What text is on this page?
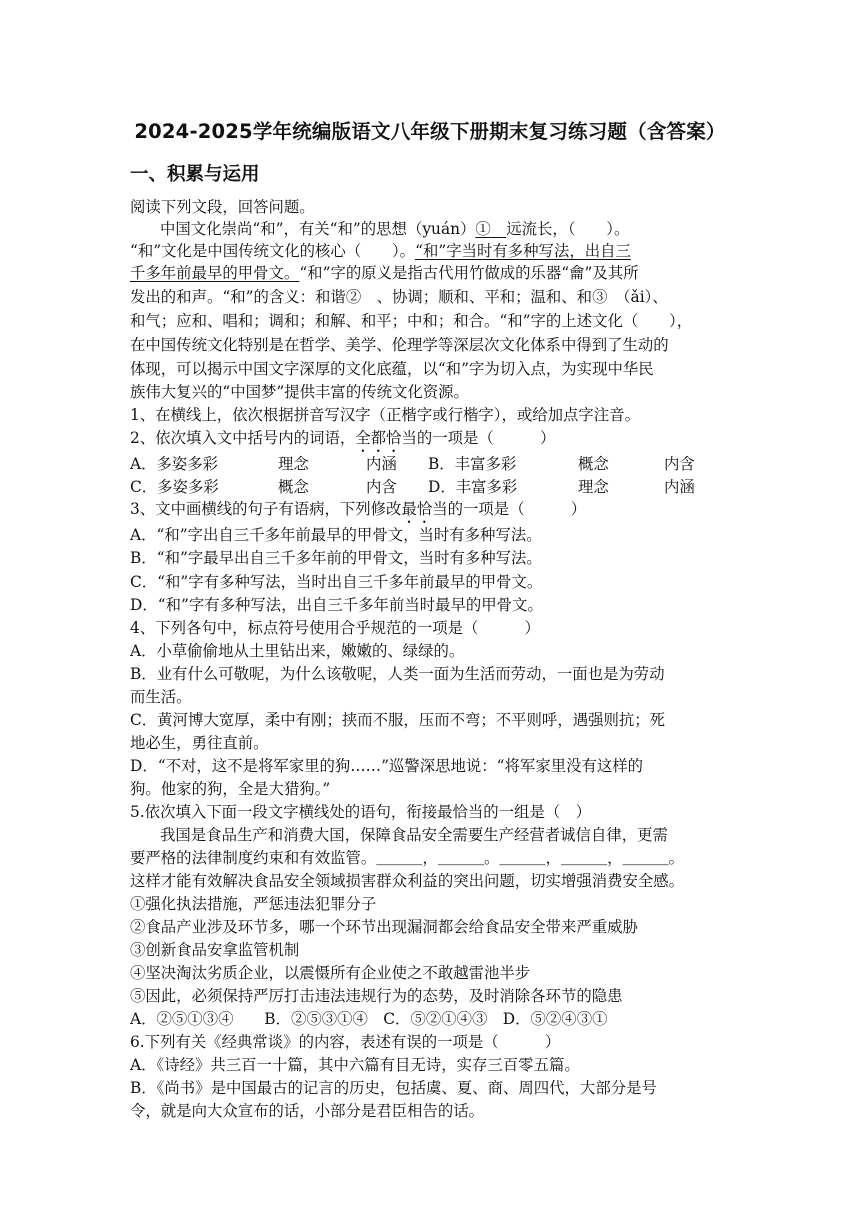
2024-2025学年统编版语文八年级下册期末复习练习题（含答案）
一、积累与运用
阅读下列文段，回答问题。
中国文化崇尚“和”，有关“和”的思想（yuán）①　 远流长，（　　）。
“和”文化是中国传统文化的核心（　　）。“和”字当时有多种写法，出自三
千多年前最早的甲骨文。“和”字的原义是指古代用竹做成的乐器“龠”及其所
发出的和声。“和”的含义：和谐②　、协调；顺和、平和；温和、和③　（ǎi）、
和气；应和、唱和；调和；和解、和平；中和；和合。“和”字的上述文化（　　），
在中国传统文化特别是在哲学、美学、伦理学等深层次文化体系中得到了生动的
体现，可以揭示中国文字深厚的文化底蕴，以“和”字为切入点，为实现中华民
族伟大复兴的“中国梦”提供丰富的传统文化资源。
1、在横线上，依次根据拼音写汉字（正楷字或行楷字），或给加点字注音。
2、依次填入文中括号内的词语，全都恰当的一项是（　　　）
A．多姿多彩	理念	内涵 B．丰富多彩	概念	内含
C．多姿多彩	概念	内含 D．丰富多彩	理念	内涵
3、文中画横线的句子有语病，下列修改最恰当的一项是（　　　）
A．“和”字出自三千多年前最早的甲骨文，当时有多种写法。
B．“和”字最早出自三千多年前的甲骨文，当时有多种写法。
C．“和”字有多种写法，当时出自三千多年前最早的甲骨文。
D．“和”字有多种写法，出自三千多年前当时最早的甲骨文。
4、下列各句中，标点符号使用合乎规范的一项是（　　　）
A．小草偷偷地从土里钻出来，嫩嫩的、绿绿的。
B．业有什么可敬呢，为什么该敬呢，人类一面为生活而劳动，一面也是为劳动
而生活。
C．黄河博大宽厚，柔中有刚；挟而不服，压而不弯；不平则呼，遇强则抗；死
地必生，勇往直前。
D．“不对，这不是将军家里的狗……”巡警深思地说：“将军家里没有这样的
狗。他家的狗，全是大猎狗。”
5.依次填入下面一段文字横线处的语句，衔接最恰当的一组是（　）
我国是食品生产和消费大国，保障食品安全需要生产经营者诚信自律，更需
要严格的法律制度约束和有效监管。＿＿＿，＿＿＿。＿＿＿，＿＿＿，＿＿＿。
这样才能有效解决食品安全领域损害群众利益的突出问题，切实增强消费安全感。
①强化执法措施，严惩违法犯罪分子
②食品产业涉及环节多，哪一个环节出现漏洞都会给食品安全带来严重威胁
③创新食品安拿监管机制
④坚决淘汰劣质企业，以震慑所有企业使之不敢越雷池半步
⑤因此，必须保持严厉打击违法违规行为的态势，及时消除各环节的隐患
A．②⑤①③④　　B．②⑤③①④　C．⑤②①④③　D．⑤②④③①
6.下列有关《经典常谈》的内容，表述有误的一项是（　　　）
A．《诗经》共三百一十篇，其中六篇有目无诗，实存三百零五篇。
B．《尚书》是中国最古的记言的历史，包括虞、夏、商、周四代，大部分是号
令，就是向大众宣布的话，小部分是君臣相告的话。
